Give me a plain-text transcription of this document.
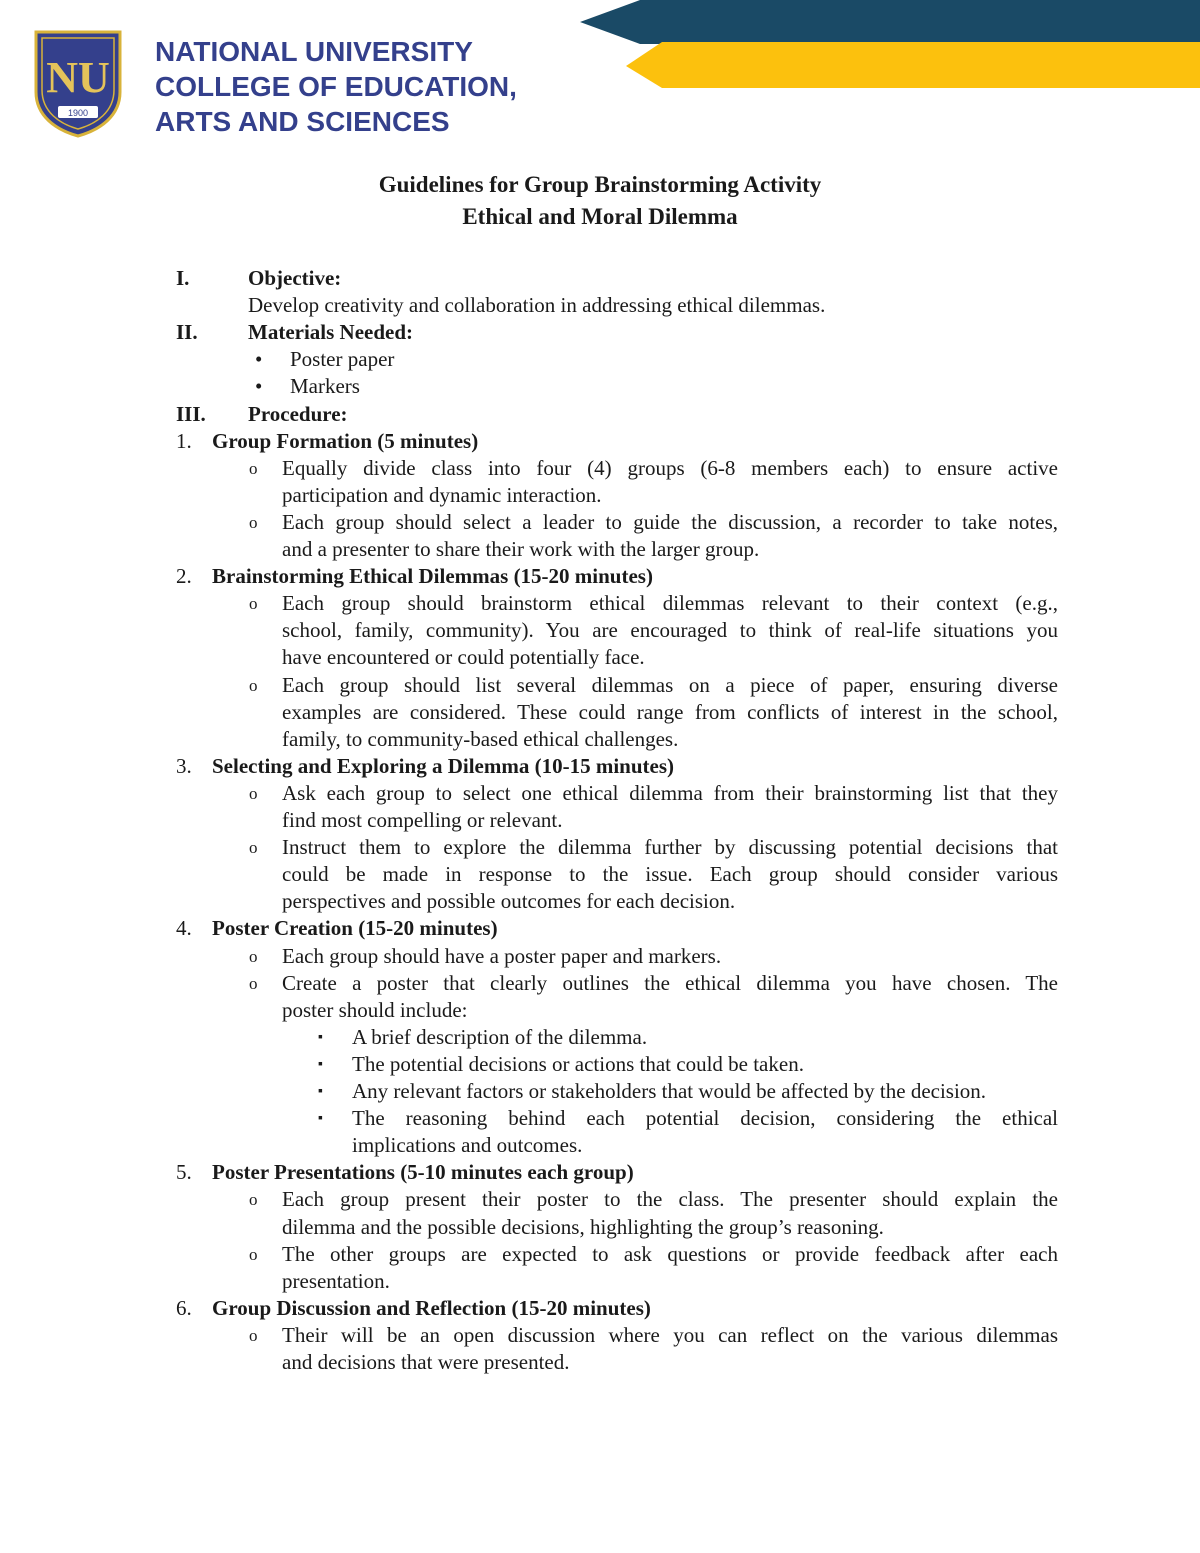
NU
1900
NATIONAL UNIVERSITY
COLLEGE OF EDUCATION,
ARTS AND SCIENCES
Guidelines for Group Brainstorming Activity
Ethical and Moral Dilemma
I.	Objective:
Develop creativity and collaboration in addressing ethical dilemmas.
II. Materials Needed:
• Poster paper
• Markers
III. Procedure:
1. Group Formation (5 minutes)
o Equally divide class into four (4) groups (6-8 members each) to ensure active
participation and dynamic interaction.
o Each group should select a leader to guide the discussion, a recorder to take notes,
and a presenter to share their work with the larger group.
2. Brainstorming Ethical Dilemmas (15-20 minutes)
o Each group should brainstorm ethical dilemmas relevant to their context (e.g.,
school, family, community). You are encouraged to think of real-life situations you
have encountered or could potentially face.
o Each group should list several dilemmas on a piece of paper, ensuring diverse
examples are considered. These could range from conflicts of interest in the school,
family, to community-based ethical challenges.
3. Selecting and Exploring a Dilemma (10-15 minutes)
o Ask each group to select one ethical dilemma from their brainstorming list that they
find most compelling or relevant.
o Instruct them to explore the dilemma further by discussing potential decisions that
could be made in response to the issue. Each group should consider various
perspectives and possible outcomes for each decision.
4. Poster Creation (15-20 minutes)
o Each group should have a poster paper and markers.
o Create a poster that clearly outlines the ethical dilemma you have chosen. The
poster should include:
▪ A brief description of the dilemma.
▪ The potential decisions or actions that could be taken.
▪ Any relevant factors or stakeholders that would be affected by the decision.
▪ The reasoning behind each potential decision, considering the ethical
implications and outcomes.
5. Poster Presentations (5-10 minutes each group)
o Each group present their poster to the class. The presenter should explain the
dilemma and the possible decisions, highlighting the group’s reasoning.
o The other groups are expected to ask questions or provide feedback after each
presentation.
6. Group Discussion and Reflection (15-20 minutes)
o Their will be an open discussion where you can reflect on the various dilemmas
and decisions that were presented.
